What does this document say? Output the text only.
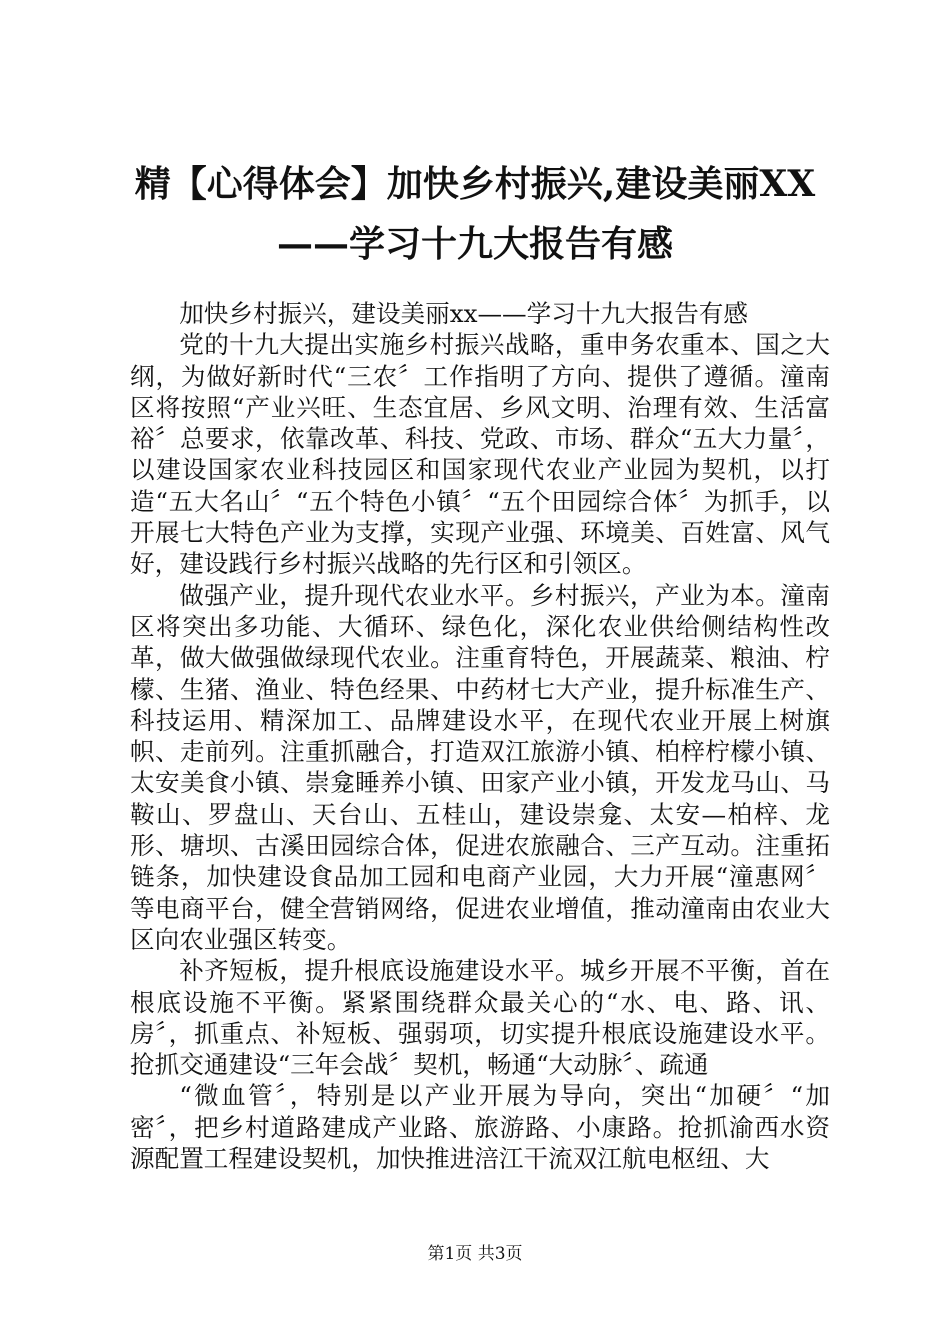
精【心得体会】加快乡村振兴,建设美丽XX
——学习十九大报告有感

加快乡村振兴，建设美丽xx——学习十九大报告有感

党的十九大提出实施乡村振兴战略，重申务农重本、国之大纲，为做好新时代“三农〞工作指明了方向、提供了遵循。潼南区将按照“产业兴旺、生态宜居、乡风文明、治理有效、生活富裕〞总要求，依靠改革、科技、党政、市场、群众“五大力量〞，以建设国家农业科技园区和国家现代农业产业园为契机，以打造“五大名山〞“五个特色小镇〞“五个田园综合体〞为抓手，以开展七大特色产业为支撑，实现产业强、环境美、百姓富、风气好，建设践行乡村振兴战略的先行区和引领区。

做强产业，提升现代农业水平。乡村振兴，产业为本。潼南区将突出多功能、大循环、绿色化，深化农业供给侧结构性改革，做大做强做绿现代农业。注重育特色，开展蔬菜、粮油、柠檬、生猪、渔业、特色经果、中药材七大产业，提升标准生产、科技运用、精深加工、品牌建设水平，在现代农业开展上树旗帜、走前列。注重抓融合，打造双江旅游小镇、柏梓柠檬小镇、太安美食小镇、崇龛睡养小镇、田家产业小镇，开发龙马山、马鞍山、罗盘山、天台山、五桂山，建设崇龛、太安—柏梓、龙形、塘坝、古溪田园综合体，促进农旅融合、三产互动。注重拓链条，加快建设食品加工园和电商产业园，大力开展“潼惠网〞等电商平台，健全营销网络，促进农业增值，推动潼南由农业大区向农业强区转变。

补齐短板，提升根底设施建设水平。城乡开展不平衡，首在根底设施不平衡。紧紧围绕群众最关心的“水、电、路、讯、房〞，抓重点、补短板、强弱项，切实提升根底设施建设水平。抢抓交通建设“三年会战〞契机，畅通“大动脉〞、疏通

“微血管〞，特别是以产业开展为导向，突出“加硬〞“加密〞，把乡村道路建成产业路、旅游路、小康路。抢抓渝西水资源配置工程建设契机，加快推进涪江干流双江航电枢纽、大

第1页 共3页
